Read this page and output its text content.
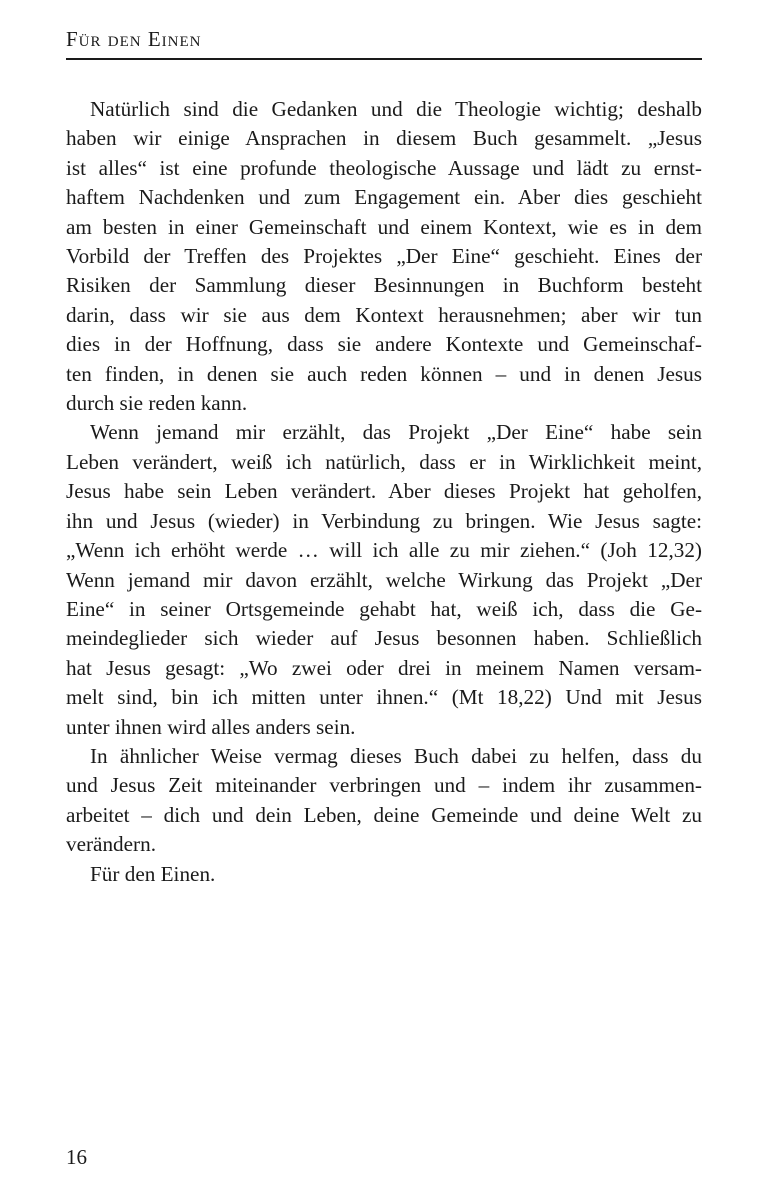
Für den Einen

Natürlich sind die Gedanken und die Theologie wichtig; deshalb
haben wir einige Ansprachen in diesem Buch gesammelt. „Jesus
ist alles“ ist eine profunde theologische Aussage und lädt zu ernst-
haftem Nachdenken und zum Engagement ein. Aber dies geschieht
am besten in einer Gemeinschaft und einem Kontext, wie es in dem
Vorbild der Treffen des Projektes „Der Eine“ geschieht. Eines der
Risiken der Sammlung dieser Besinnungen in Buchform besteht
darin, dass wir sie aus dem Kontext herausnehmen; aber wir tun
dies in der Hoffnung, dass sie andere Kontexte und Gemeinschaf-
ten finden, in denen sie auch reden können – und in denen Jesus
durch sie reden kann.

Wenn jemand mir erzählt, das Projekt „Der Eine“ habe sein
Leben verändert, weiß ich natürlich, dass er in Wirklichkeit meint,
Jesus habe sein Leben verändert. Aber dieses Projekt hat geholfen,
ihn und Jesus (wieder) in Verbindung zu bringen. Wie Jesus sagte:
„Wenn ich erhöht werde … will ich alle zu mir ziehen.“ (Joh 12,32)
Wenn jemand mir davon erzählt, welche Wirkung das Projekt „Der
Eine“ in seiner Ortsgemeinde gehabt hat, weiß ich, dass die Ge-
meindeglieder sich wieder auf Jesus besonnen haben. Schließlich
hat Jesus gesagt: „Wo zwei oder drei in meinem Namen versam-
melt sind, bin ich mitten unter ihnen.“ (Mt 18,22) Und mit Jesus
unter ihnen wird alles anders sein.

In ähnlicher Weise vermag dieses Buch dabei zu helfen, dass du
und Jesus Zeit miteinander verbringen und – indem ihr zusammen-
arbeitet – dich und dein Leben, deine Gemeinde und deine Welt zu
verändern.

Für den Einen.

16
